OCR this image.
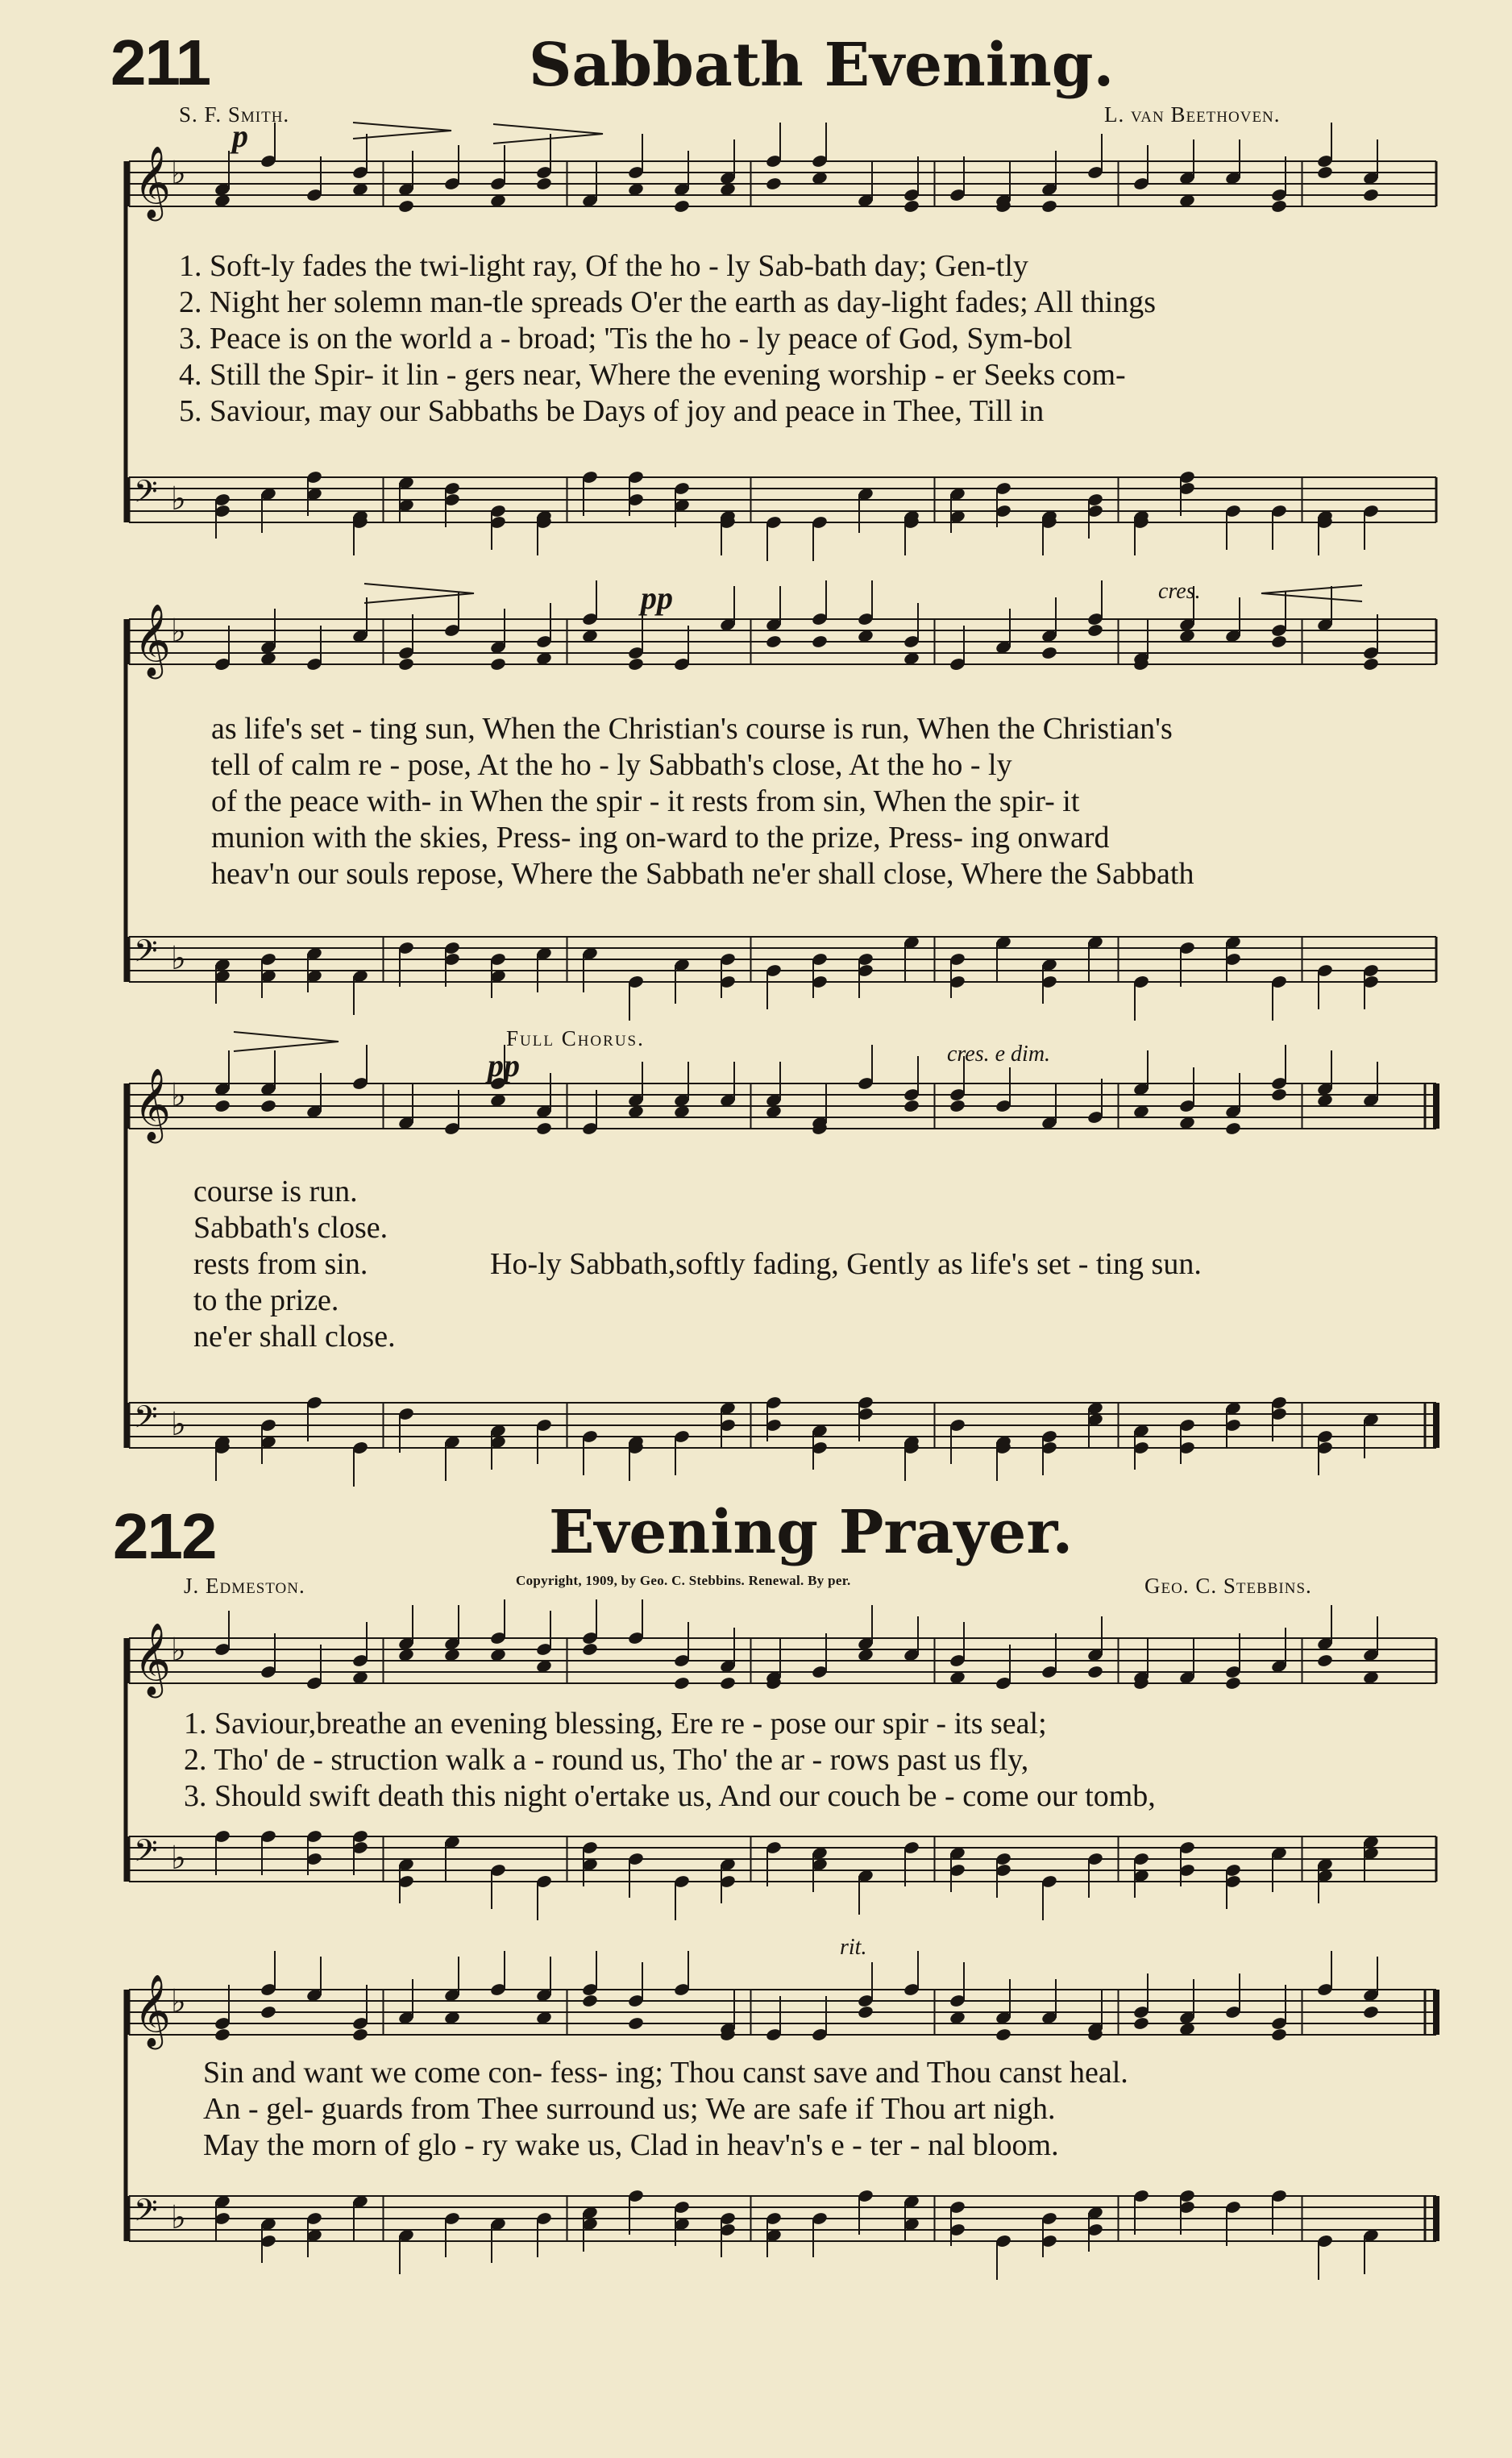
𝄞 ♭
𝄢 ♭
𝄞 ♭
𝄢 ♭
𝄞 ♭
𝄢 ♭
𝄞 ♭
𝄢 ♭
𝄞 ♭
𝄢 ♭
211	Sabbath Evening.
S. F. Smith.	L. van Beethoven.
p
pp	cres.
pp
Full Chorus.
cres. e dim.
1. Soft-ly fades the twi-light ray, Of the ho - ly Sab-bath day; Gen-tly
2. Night her solemn man-tle spreads O'er the earth as day-light fades; All things
3. Peace is on the world a - broad; 'Tis the ho - ly peace of God, Sym-bol
4. Still the Spir- it lin - gers near, Where the evening worship - er Seeks com-
5. Saviour, may our Sabbaths be Days of joy and peace in Thee, Till in
as life's set - ting sun, When the Christian's course is run, When the Christian's
tell of calm re - pose, At the ho - ly Sabbath's close, At the ho - ly
of the peace with- in When the spir - it rests from sin, When the spir- it
munion with the skies, Press- ing on-ward to the prize, Press- ing onward
heav'n our souls repose, Where the Sabbath ne'er shall close, Where the Sabbath
course is run.
Sabbath's close.
rests from sin.
to the prize.
ne'er shall close.
Ho-ly Sabbath,softly fading, Gently as life's set - ting sun.
212	Evening Prayer.
J. Edmeston.	Copyright, 1909, by Geo. C. Stebbins. Renewal. By per.	Geo. C. Stebbins.
rit.
1. Saviour,breathe an evening blessing, Ere re - pose our spir - its seal;
2. Tho' de - struction walk a - round us, Tho' the ar - rows past us fly,
3. Should swift death this night o'ertake us, And our couch be - come our tomb,
Sin and want we come con- fess- ing; Thou canst save and Thou canst heal.
An - gel- guards from Thee surround us; We are safe if Thou art nigh.
May the morn of glo - ry wake us, Clad in heav'n's e - ter - nal bloom.
